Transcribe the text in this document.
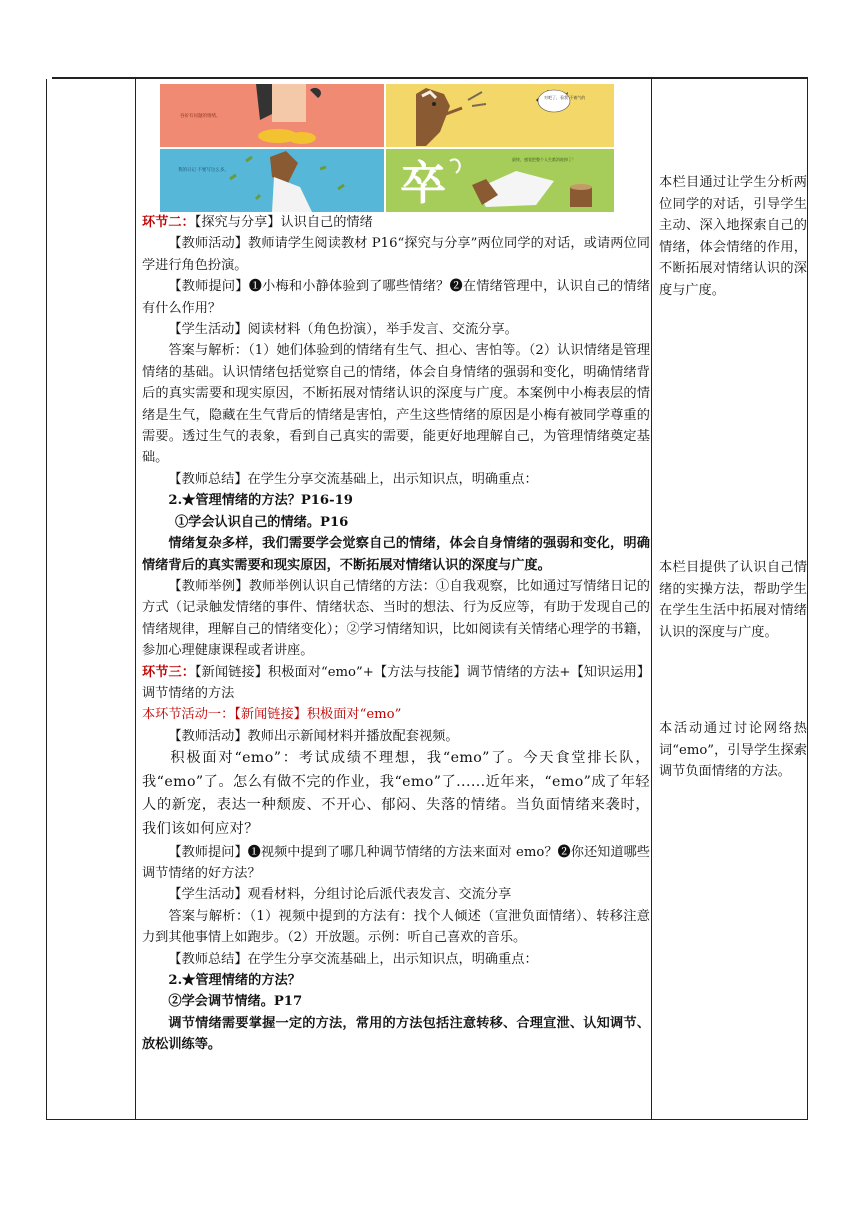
谷价有问题的情绪。
对吧了，看我 不被气的
我的日记 不要写这么多。	卒	最终，感觉把整个人生都消耗掉了！

环节二：【探究与分享】认识自己的情绪

【教师活动】教师请学生阅读教材 P16“探究与分享”两位同学的对话，或请两位同学进行角色扮演。

【教师提问】❶小梅和小静体验到了哪些情绪？❷在情绪管理中，认识自己的情绪有什么作用？

【学生活动】阅读材料（角色扮演），举手发言、交流分享。

答案与解析：（1）她们体验到的情绪有生气、担心、害怕等。（2）认识情绪是管理情绪的基础。认识情绪包括觉察自己的情绪，体会自身情绪的强弱和变化，明确情绪背后的真实需要和现实原因，不断拓展对情绪认识的深度与广度。本案例中小梅表层的情绪是生气，隐藏在生气背后的情绪是害怕，产生这些情绪的原因是小梅有被同学尊重的需要。透过生气的表象，看到自己真实的需要，能更好地理解自己，为管理情绪奠定基础。

【教师总结】在学生分享交流基础上，出示知识点，明确重点：

2.★管理情绪的方法？P16-19

①学会认识自己的情绪。P16

情绪复杂多样，我们需要学会觉察自己的情绪，体会自身情绪的强弱和变化，明确情绪背后的真实需要和现实原因，不断拓展对情绪认识的深度与广度。

【教师举例】教师举例认识自己情绪的方法：①自我观察，比如通过写情绪日记的方式（记录触发情绪的事件、情绪状态、当时的想法、行为反应等，有助于发现自己的情绪规律，理解自己的情绪变化）；②学习情绪知识，比如阅读有关情绪心理学的书籍，参加心理健康课程或者讲座。

环节三：【新闻链接】积极面对“emo”+【方法与技能】调节情绪的方法+【知识运用】调节情绪的方法

本环节活动一：【新闻链接】积极面对“emo”

【教师活动】教师出示新闻材料并播放配套视频。

积极面对“emo”：考试成绩不理想，我“emo”了。今天食堂排长队，我“emo”了。怎么有做不完的作业，我“emo”了......近年来，“emo”成了年轻人的新宠，表达一种颓废、不开心、郁闷、失落的情绪。当负面情绪来袭时，我们该如何应对？

【教师提问】❶视频中提到了哪几种调节情绪的方法来面对 emo？❷你还知道哪些调节情绪的好方法？

【学生活动】观看材料，分组讨论后派代表发言、交流分享

答案与解析：（1）视频中提到的方法有：找个人倾述（宣泄负面情绪）、转移注意力到其他事情上如跑步。（2）开放题。示例：听自己喜欢的音乐。

【教师总结】在学生分享交流基础上，出示知识点，明确重点：

2.★管理情绪的方法？

②学会调节情绪。P17

调节情绪需要掌握一定的方法，常用的方法包括注意转移、合理宣泄、认知调节、放松训练等。

本栏目通过让学生分析两位同学的对话，引导学生主动、深入地探索自己的情绪，体会情绪的作用，不断拓展对情绪认识的深度与广度。

本栏目提供了认识自己情绪的实操方法，帮助学生在学生生活中拓展对情绪认识的深度与广度。

本活动通过讨论网络热词“emo”，引导学生探索调节负面情绪的方法。
